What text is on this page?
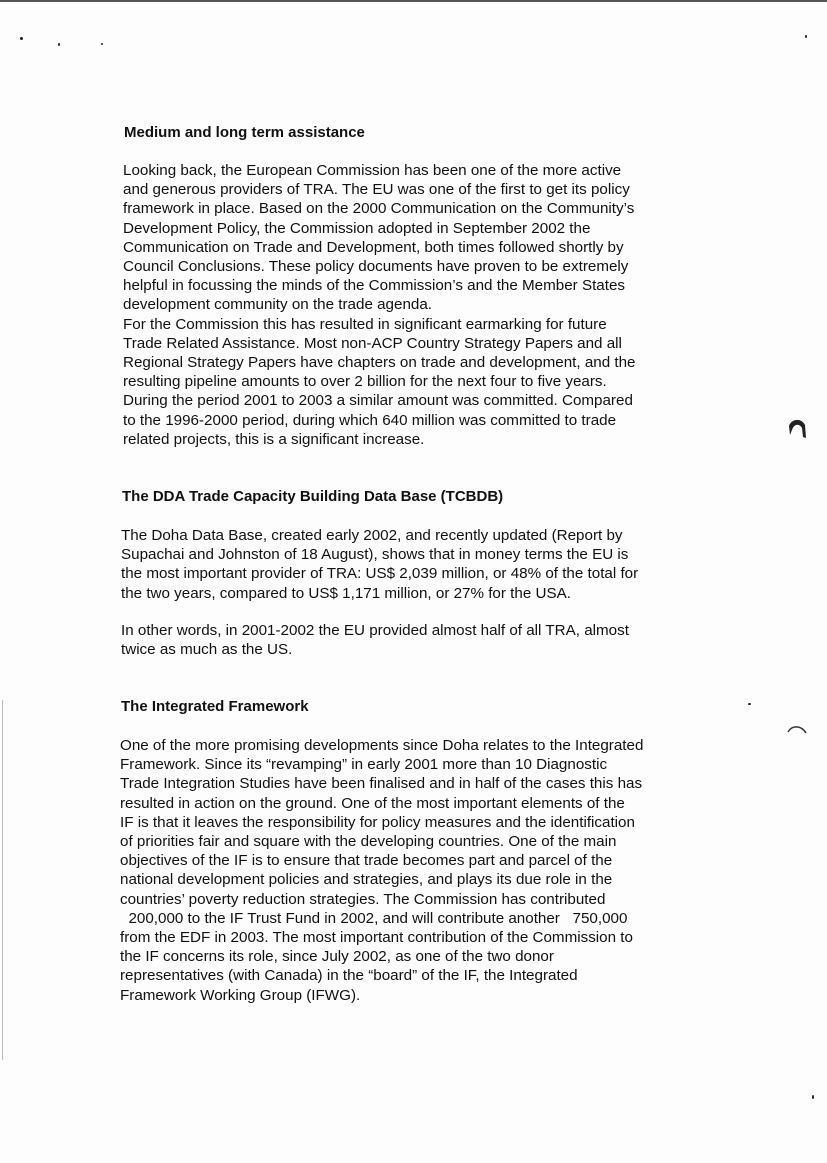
Medium and long term assistance

Looking back, the European Commission has been one of the more active
and generous providers of TRA. The EU was one of the first to get its policy
framework in place. Based on the 2000 Communication on the Community’s
Development Policy, the Commission adopted in September 2002 the
Communication on Trade and Development, both times followed shortly by
Council Conclusions. These policy documents have proven to be extremely
helpful in focussing the minds of the Commission’s and the Member States
development community on the trade agenda.
For the Commission this has resulted in significant earmarking for future
Trade Related Assistance. Most non-ACP Country Strategy Papers and all
Regional Strategy Papers have chapters on trade and development, and the
resulting pipeline amounts to over 2 billion for the next four to five years.
During the period 2001 to 2003 a similar amount was committed. Compared
to the 1996-2000 period, during which 640 million was committed to trade
related projects, this is a significant increase.

The DDA Trade Capacity Building Data Base (TCBDB)

The Doha Data Base, created early 2002, and recently updated (Report by
Supachai and Johnston of 18 August), shows that in money terms the EU is
the most important provider of TRA: US$ 2,039 million, or 48% of the total for
the two years, compared to US$ 1,171 million, or 27% for the USA.

In other words, in 2001-2002 the EU provided almost half of all TRA, almost
twice as much as the US.

The Integrated Framework

One of the more promising developments since Doha relates to the Integrated
Framework. Since its “revamping” in early 2001 more than 10 Diagnostic
Trade Integration Studies have been finalised and in half of the cases this has
resulted in action on the ground. One of the most important elements of the
IF is that it leaves the responsibility for policy measures and the identification
of priorities fair and square with the developing countries. One of the main
objectives of the IF is to ensure that trade becomes part and parcel of the
national development policies and strategies, and plays its due role in the
countries’ poverty reduction strategies. The Commission has contributed
200,000 to the IF Trust Fund in 2002, and will contribute another   750,000
from the EDF in 2003. The most important contribution of the Commission to
the IF concerns its role, since July 2002, as one of the two donor
representatives (with Canada) in the “board” of the IF, the Integrated
Framework Working Group (IFWG).
